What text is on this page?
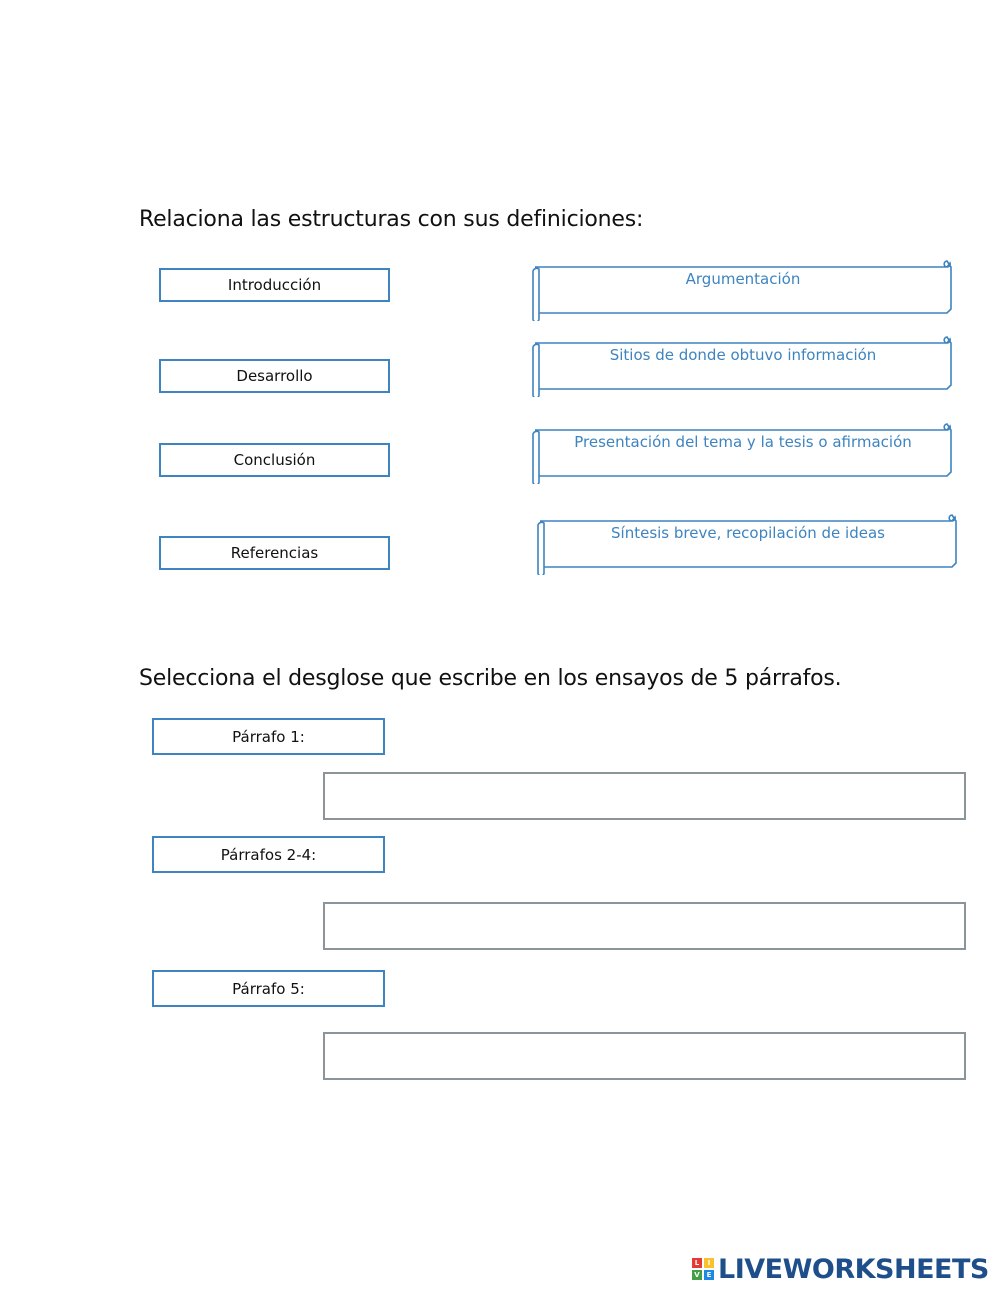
Relaciona las estructuras con sus definiciones:
Introducción
Desarrollo
Conclusión
Referencias
Argumentación
Sitios de donde obtuvo información
Presentación del tema y la tesis o afirmación
Síntesis breve, recopilación de ideas
Selecciona el desglose que escribe en los ensayos de 5 párrafos.
Párrafo 1:
Párrafos 2-4:
Párrafo 5:
L	I
V E LIVEWORKSHEETS
